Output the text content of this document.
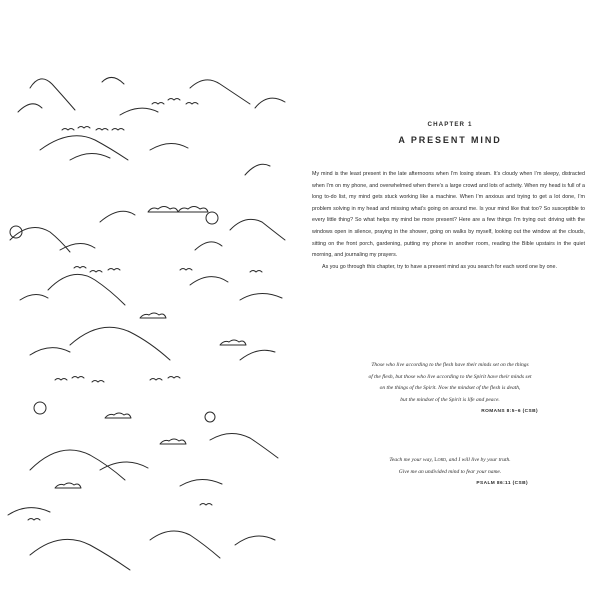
CHAPTER 1
A PRESENT MIND

My mind is the least present in the late afternoons when I’m losing steam. It’s cloudy when I’m sleepy, distracted when I’m on my phone, and overwhelmed when there’s a large crowd and lots of activity. When my head is full of a long to-do list, my mind gets stuck working like a machine. When I’m anxious and trying to get a lot done, I’m problem solving in my head and missing what’s going on around me. Is your mind like that too? So susceptible to every little thing? So what helps my mind be more present? Here are a few things I’m trying out: driving with the windows open in silence, praying in the shower, going on walks by myself, looking out the window at the clouds, sitting on the front porch, gardening, putting my phone in another room, reading the Bible upstairs in the quiet morning, and journaling my prayers.

As you go through this chapter, try to have a present mind as you search for each word one by one.

Those who live according to the flesh have their minds set on the things
of the flesh, but those who live according to the Spirit have their minds set
on the things of the Spirit. Now the mindset of the flesh is death,
but the mindset of the Spirit is life and peace.
ROMANS 8:5–6 (CSB)
Teach me your way, Lord, and I will live by your truth.
Give me an undivided mind to fear your name.
PSALM 86:11 (CSB)
